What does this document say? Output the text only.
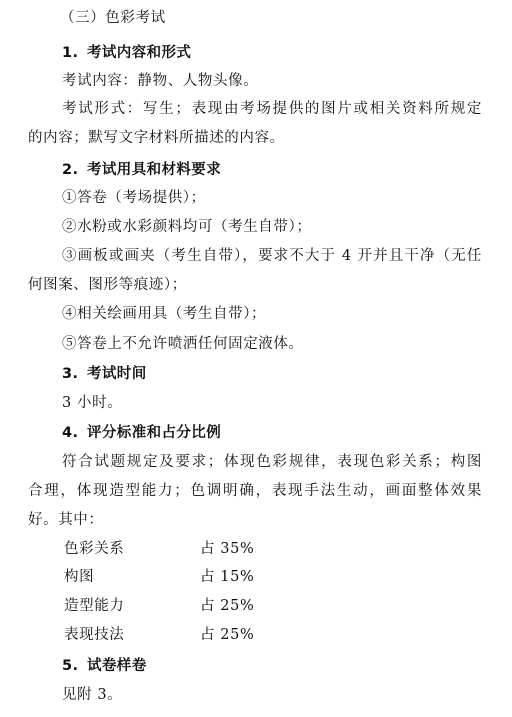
（三）色彩考试
1. 考试内容和形式
考试内容：静物、人物头像。
考试形式：写生；表现由考场提供的图片或相关资料所规定
的内容；默写文字材料所描述的内容。
2. 考试用具和材料要求
①答卷（考场提供）；
②水粉或水彩颜料均可（考生自带）；
③画板或画夹（考生自带），要求不大于 4 开并且干净（无任
何图案、图形等痕迹）；
④相关绘画用具（考生自带）；
⑤答卷上不允许喷洒任何固定液体。
3. 考试时间
3 小时。
4. 评分标准和占分比例
符合试题规定及要求；体现色彩规律，表现色彩关系；构图
合理，体现造型能力；色调明确，表现手法生动，画面整体效果
好。其中：
色彩关系	占 35%
构图	占 15%
造型能力	占 25%
表现技法	占 25%
5. 试卷样卷
见附 3。
